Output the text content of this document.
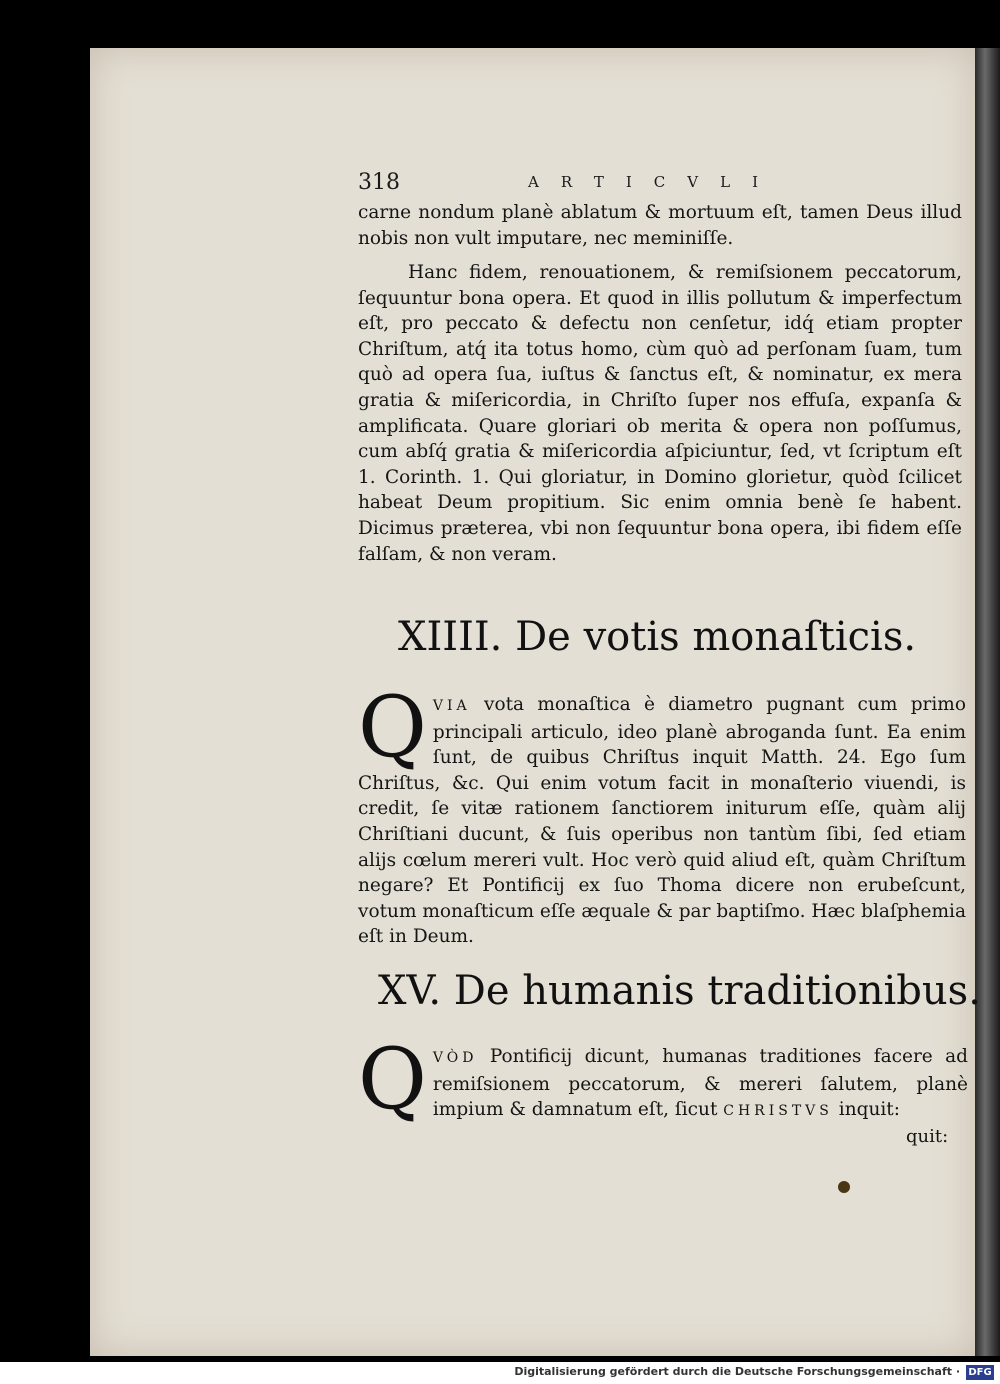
318	ARTICVLI

carne nondum planè ablatum & mortuum eſt, tamen Deus illud nobis non vult imputare, nec meminiſſe.

Hanc fidem, renouationem, & remiſsionem peccatorum, ſequuntur bona opera. Et quod in illis pollutum & imperfectum eſt, pro peccato & defectu non cenſetur, idq́ etiam propter Chriſtum, atq́ ita totus homo, cùm quò ad perſonam ſuam, tum quò ad opera ſua, iuſtus & ſanctus eſt, & nominatur, ex mera gratia & miſericordia, in Chriſto ſuper nos effuſa, expanſa & amplificata. Quare gloriari ob merita & opera non poſſumus, cum abſq́ gratia & miſericordia aſpiciuntur, ſed, vt ſcriptum eſt 1. Corinth. 1. Qui gloriatur, in Domino glorietur, quòd ſcilicet habeat Deum propitium. Sic enim omnia benè ſe habent. Dicimus præterea, vbi non ſequuntur bona opera, ibi fidem eſſe falſam, & non veram.

XIIII. De votis monaſticis.

QVIA vota monaſtica è diametro pugnant cum primo principali articulo, ideo planè abroganda ſunt. Ea enim ſunt, de quibus Chriſtus inquit Matth. 24. Ego ſum Chriſtus, &c. Qui enim votum facit in monaſterio viuendi, is credit, ſe vitæ rationem ſanctiorem initurum eſſe, quàm alij Chriſtiani ducunt, & ſuis operibus non tantùm ſibi, ſed etiam alijs cœlum mereri vult. Hoc verò quid aliud eſt, quàm Chriſtum negare? Et Pontificij ex ſuo Thoma dicere non erubeſcunt, votum monaſticum eſſe æquale & par baptiſmo. Hæc blaſphemia eſt in Deum.

XV. De humanis traditionibus.

QVÒD Pontificij dicunt, humanas traditiones facere ad remiſsionem peccatorum, & mereri ſalutem, planè impium & damnatum eſt, ſicut CHRISTVS inquit:

quit:
Digitalisierung gefördert durch die Deutsche Forschungsgemeinschaft · DFG
